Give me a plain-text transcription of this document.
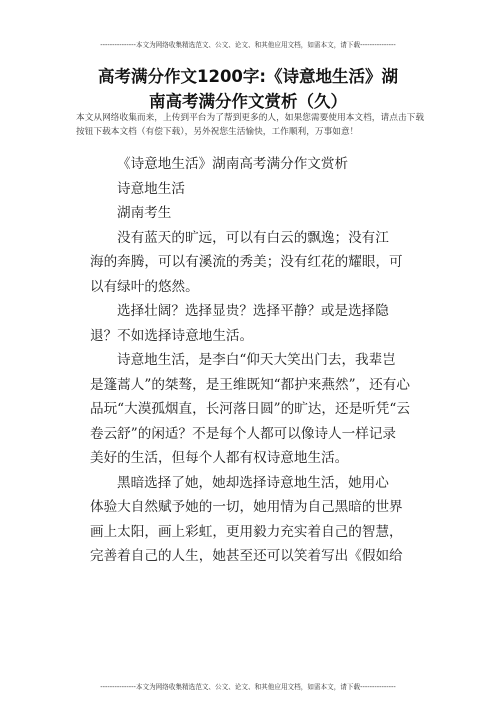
---------------本文为网络收集精选范文、公文、论文、和其他应用文档，如需本文，请下载---------------
高考满分作文1200字:《诗意地生活》湖
南高考满分作文赏析（久）
本文从网络收集而来，上传到平台为了帮到更多的人，如果您需要使用本文档，请点击下载按钮下载本文档（有偿下载），另外祝您生活愉快，工作顺利，万事如意！
《诗意地生活》湖南高考满分作文赏析
诗意地生活
湖南考生
没有蓝天的旷远，可以有白云的飘逸；没有江
海的奔腾，可以有溪流的秀美；没有红花的耀眼，可
以有绿叶的悠然。
选择壮阔？选择显贵？选择平静？或是选择隐
退？不如选择诗意地生活。
诗意地生活，是李白“仰天大笑出门去，我辈岂
是篷蒿人”的桀骜，是王维既知“都护来燕然”，还有心
品玩“大漠孤烟直，长河落日圆”的旷达，还是听凭“云
卷云舒”的闲适？不是每个人都可以像诗人一样记录
美好的生活，但每个人都有权诗意地生活。
黑暗选择了她，她却选择诗意地生活，她用心
体验大自然赋予她的一切，她用情为自己黑暗的世界
画上太阳，画上彩虹，更用毅力充实着自己的智慧，
完善着自己的人生，她甚至还可以笑着写出《假如给
---------------本文为网络收集精选范文、公文、论文、和其他应用文档，如需本文，请下载---------------
